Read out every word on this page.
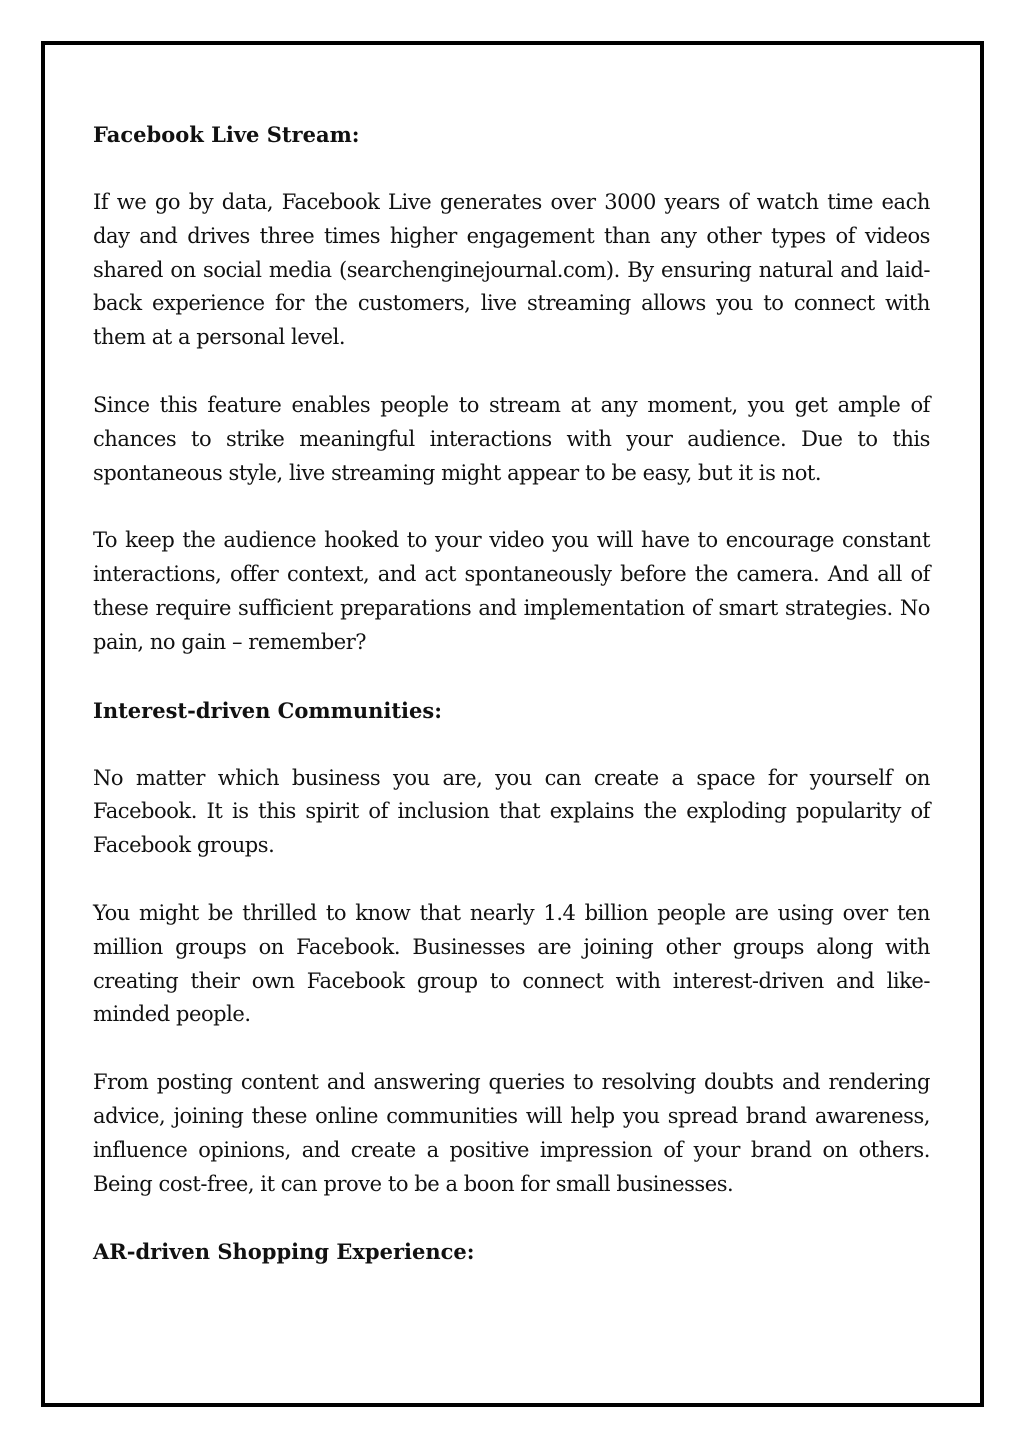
Facebook Live Stream:

If we go by data, Facebook Live generates over 3000 years of watch time each day and drives three times higher engagement than any other types of videos shared on social media (searchenginejournal.com). By ensuring natural and laid-back experience for the customers, live streaming allows you to connect with them at a personal level.

Since this feature enables people to stream at any moment, you get ample of chances to strike meaningful interactions with your audience. Due to this spontaneous style, live streaming might appear to be easy, but it is not.

To keep the audience hooked to your video you will have to encourage constant interactions, offer context, and act spontaneously before the camera. And all of these require sufficient preparations and implementation of smart strategies. No pain, no gain – remember?

Interest-driven Communities:

No matter which business you are, you can create a space for yourself on Facebook. It is this spirit of inclusion that explains the exploding popularity of Facebook groups.

You might be thrilled to know that nearly 1.4 billion people are using over ten million groups on Facebook. Businesses are joining other groups along with creating their own Facebook group to connect with interest-driven and like-minded people.

From posting content and answering queries to resolving doubts and rendering advice, joining these online communities will help you spread brand awareness, influence opinions, and create a positive impression of your brand on others. Being cost-free, it can prove to be a boon for small businesses.

AR-driven Shopping Experience:
